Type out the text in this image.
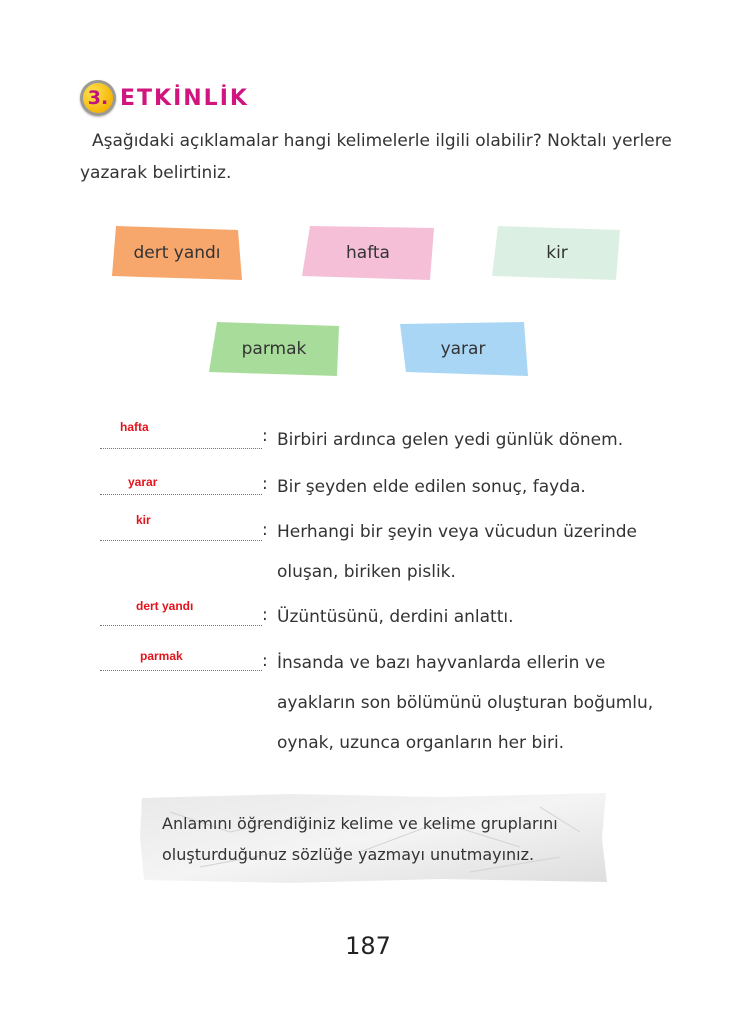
3. ETKİNLİK
Aşağıdaki açıklamalar hangi kelimelerle ilgili olabilir? Noktalı yerlere
yazarak belirtiniz.
dert yandı	hafta	kir
parmak	yarar
hafta	: Birbiri ardınca gelen yedi günlük dönem.
yarar	: Bir şeyden elde edilen sonuç, fayda.
kir	: Herhangi bir şeyin veya vücudun üzerinde
oluşan, biriken pislik.
dert yandı	: Üzüntüsünü, derdini anlattı.
parmak	: İnsanda ve bazı hayvanlarda ellerin ve
ayakların son bölümünü oluşturan boğumlu,
oynak, uzunca organların her biri.
Anlamını öğrendiğiniz kelime ve kelime gruplarını
oluşturduğunuz sözlüğe yazmayı unutmayınız.
187
